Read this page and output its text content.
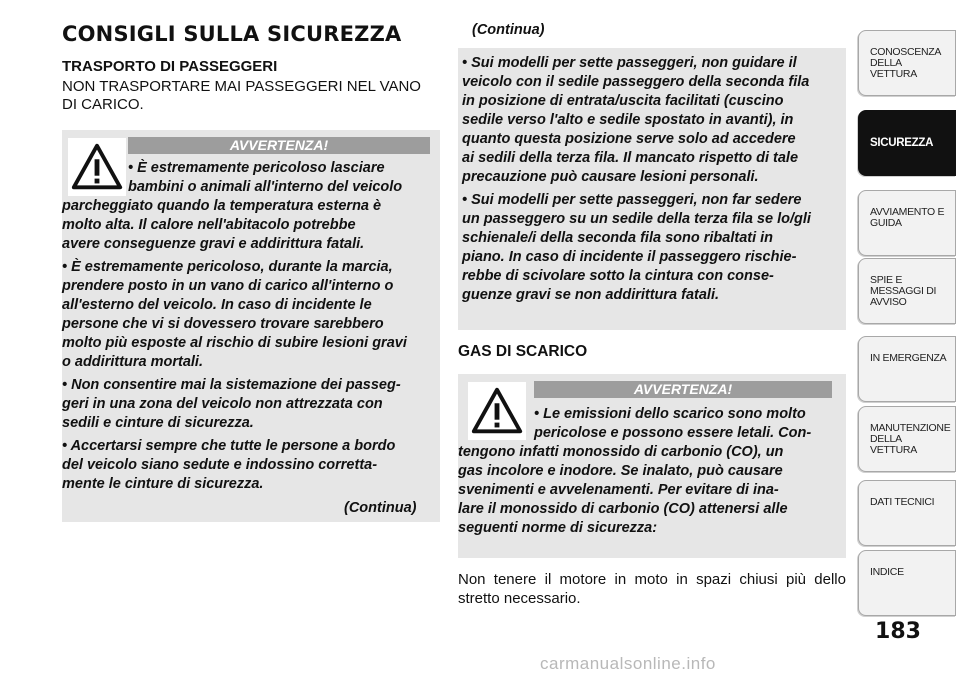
CONSIGLI SULLA SICUREZZA
TRASPORTO DI PASSEGGERI
NON TRASPORTARE MAI PASSEGGERI NEL VANO DI CARICO.
AVVERTENZA!
• È estremamente pericoloso lasciare
bambini o animali all'interno del veicolo
parcheggiato quando la temperatura esterna è
molto alta. Il calore nell'abitacolo potrebbe
avere conseguenze gravi e addirittura fatali.
• È estremamente pericoloso, durante la marcia,
prendere posto in un vano di carico all'interno o
all'esterno del veicolo. In caso di incidente le
persone che vi si dovessero trovare sarebbero
molto più esposte al rischio di subire lesioni gravi
o addirittura mortali.
• Non consentire mai la sistemazione dei passeg-
geri in una zona del veicolo non attrezzata con
sedili e cinture di sicurezza.
• Accertarsi sempre che tutte le persone a bordo
del veicolo siano sedute e indossino corretta-
mente le cinture di sicurezza.
(Continua)
(Continua)
• Sui modelli per sette passeggeri, non guidare il
veicolo con il sedile passeggero della seconda fila
in posizione di entrata/uscita facilitati (cuscino
sedile verso l'alto e sedile spostato in avanti), in
quanto questa posizione serve solo ad accedere
ai sedili della terza fila. Il mancato rispetto di tale
precauzione può causare lesioni personali.
• Sui modelli per sette passeggeri, non far sedere
un passeggero su un sedile della terza fila se lo/gli
schienale/i della seconda fila sono ribaltati in
piano. In caso di incidente il passeggero rischie-
rebbe di scivolare sotto la cintura con conse-
guenze gravi se non addirittura fatali.
GAS DI SCARICO
AVVERTENZA!
• Le emissioni dello scarico sono molto
pericolose e possono essere letali. Con-
tengono infatti monossido di carbonio (CO), un
gas incolore e inodore. Se inalato, può causare
svenimenti e avvelenamenti. Per evitare di ina-
lare il monossido di carbonio (CO) attenersi alle
seguenti norme di sicurezza:

Non tenere il motore in moto in spazi chiusi più dello stretto necessario.

CONOSCENZA DELLA VETTURA
SICUREZZA
AVVIAMENTO E GUIDA
SPIE E MESSAGGI DI AVVISO
IN EMERGENZA
MANUTENZIONE DELLA VETTURA
DATI TECNICI
INDICE
183
carmanualsonline.info
